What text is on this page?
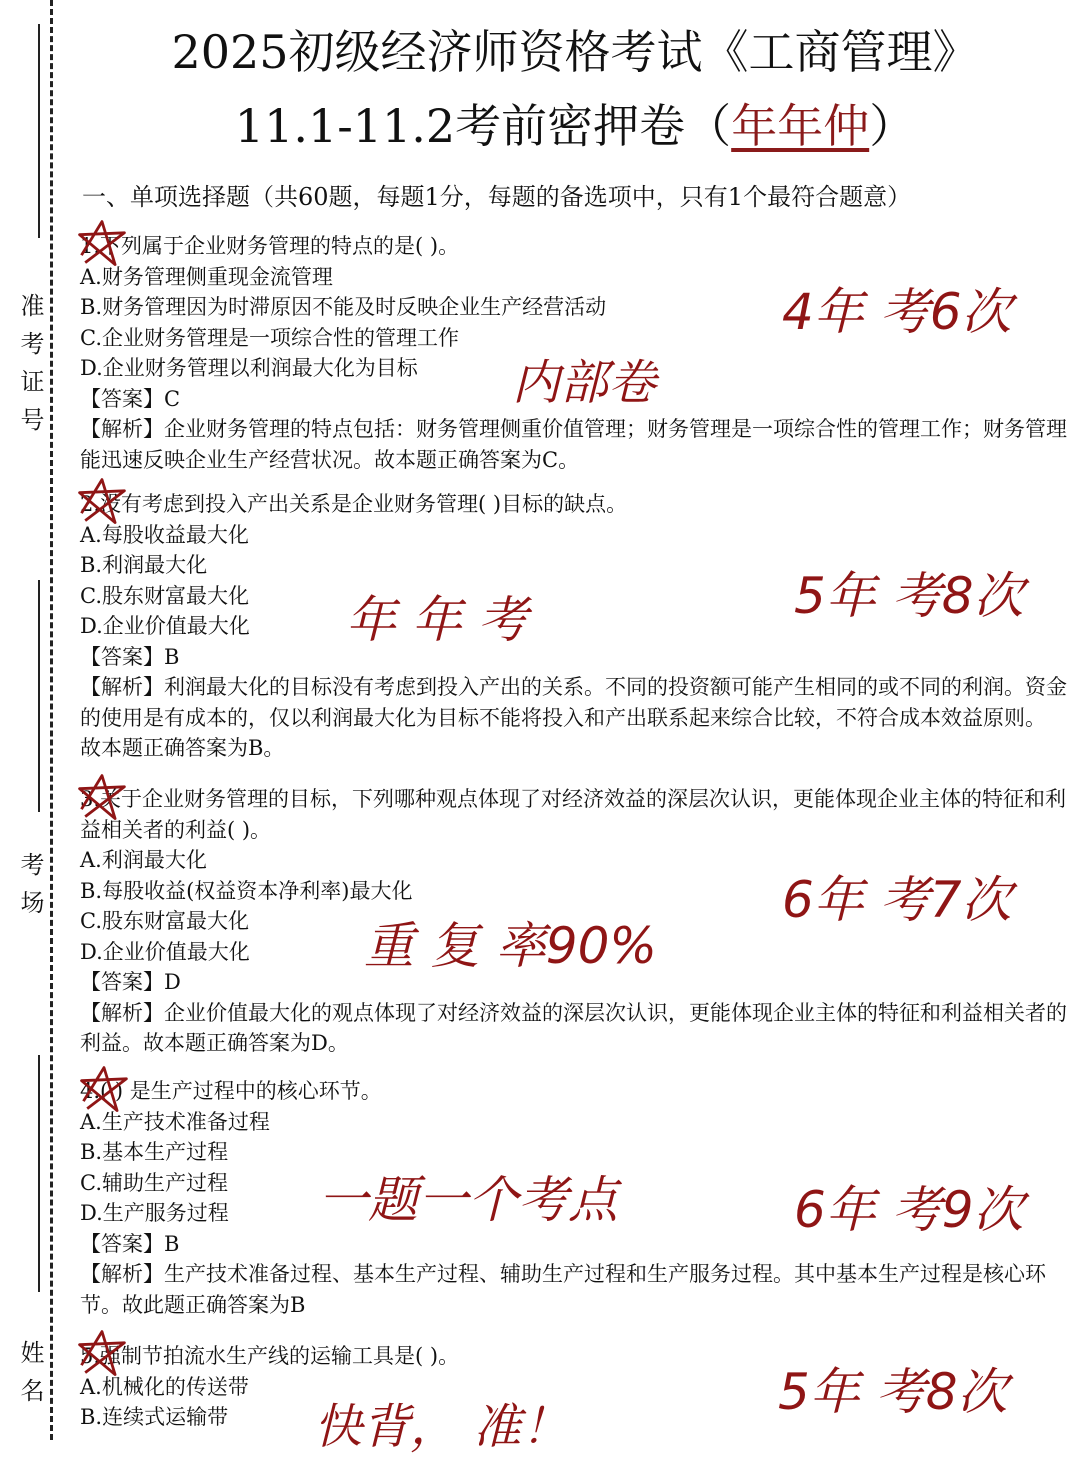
准考证号
考场
姓名
2025初级经济师资格考试《工商管理》
11.1-11.2考前密押卷（年年仲）
一、单项选择题（共60题，每题1分，每题的备选项中，只有1个最符合题意）

1.下列属于企业财务管理的特点的是( )。

A.财务管理侧重现金流管理

B.财务管理因为时滞原因不能及时反映企业生产经营活动

C.企业财务管理是一项综合性的管理工作

D.企业财务管理以利润最大化为目标

【答案】C

【解析】企业财务管理的特点包括：财务管理侧重价值管理；财务管理是一项综合性的管理工作；财务管理能迅速反映企业生产经营状况。故本题正确答案为C。

2.没有考虑到投入产出关系是企业财务管理( )目标的缺点。

A.每股收益最大化

B.利润最大化

C.股东财富最大化

D.企业价值最大化

【答案】B

【解析】利润最大化的目标没有考虑到投入产出的关系。不同的投资额可能产生相同的或不同的利润。资金的使用是有成本的，仅以利润最大化为目标不能将投入和产出联系起来综合比较，不符合成本效益原则。 故本题正确答案为B。

3.关于企业财务管理的目标，下列哪种观点体现了对经济效益的深层次认识，更能体现企业主体的特征和利益相关者的利益( )。

A.利润最大化

B.每股收益(权益资本净利率)最大化

C.股东财富最大化

D.企业价值最大化

【答案】D

【解析】企业价值最大化的观点体现了对经济效益的深层次认识，更能体现企业主体的特征和利益相关者的利益。故本题正确答案为D。

4.( ) 是生产过程中的核心环节。

A.生产技术准备过程

B.基本生产过程

C.辅助生产过程

D.生产服务过程

【答案】B

【解析】生产技术准备过程、基本生产过程、辅助生产过程和生产服务过程。其中基本生产过程是核心环节。故此题正确答案为B

5.强制节拍流水生产线的运输工具是( )。

A.机械化的传送带

B.连续式运输带

4年 考6次
内部卷
5年 考8次
年 年 考
6年 考7次
重 复 率90%
一题一个考点	6年 考9次
5年 考8次
快背， 准！
